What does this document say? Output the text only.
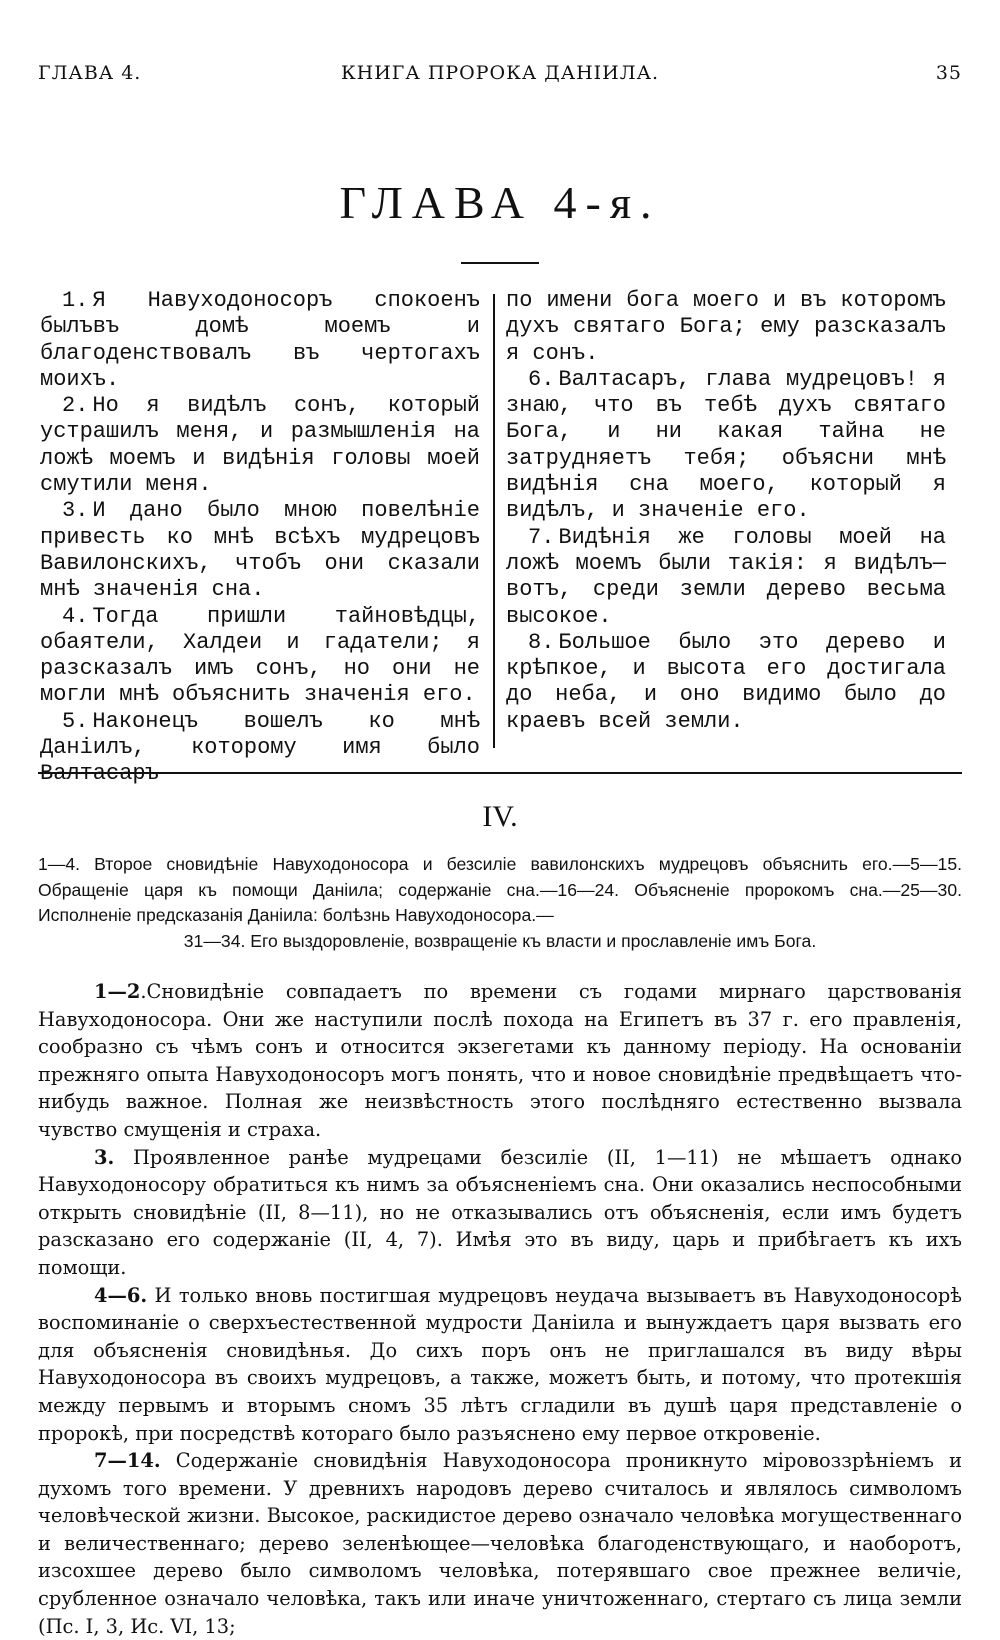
ГЛАВА 4.	КНИГА ПРОРОКА ДАНІИЛА.	35
ГЛАВА 4-я.

1. Я Навуходоносоръ спокоенъ былъвъ домѣ моемъ и благоденствовалъ въ чертогахъ моихъ.

2. Но я видѣлъ сонъ, который устрашилъ меня, и размышленія на ложѣ моемъ и видѣнія головы моей смутили меня.

3. И дано было мною повелѣніе привесть ко мнѣ всѣхъ мудрецовъ Вавилонскихъ, чтобъ они сказали мнѣ значенія сна.

4. Тогда пришли тайновѣдцы, обаятели, Халдеи и гадатели; я разсказалъ имъ сонъ, но они не могли мнѣ объяснить значенія его.

5. Наконецъ вошелъ ко мнѣ Даніилъ, которому имя было Валтасаръ—

по имени бога моего и въ которомъ духъ святаго Бога; ему разсказалъ я сонъ.

6. Валтасаръ, глава мудрецовъ! я знаю, что въ тебѣ духъ святаго Бога, и ни какая тайна не затрудняетъ тебя; объясни мнѣ видѣнія сна моего, который я видѣлъ, и значеніе его.

7. Видѣнія же головы моей на ложѣ моемъ были такія: я видѣлъ—вотъ, среди земли дерево весьма высокое.

8. Большое было это дерево и крѣпкое, и высота его достигала до неба, и оно видимо было до краевъ всей земли.

IV.
1—4. Второе сновидѣніе Навуходоносора и безсиліе вавилонскихъ мудрецовъ объяснить его.—5—15. Обращеніе царя къ помощи Даніила; содержаніе сна.—16—24. Объясненіе пророкомъ сна.—25—30. Исполненіе предсказанія Даніила: болѣзнь Навуходоносора.—
31—34. Его выздоровленіе, возвращеніе къ власти и прославленіе имъ Бога.

1—2.Сновидѣніе совпадаетъ по времени съ годами мирнаго царствованія Навуходоносора. Они же наступили послѣ похода на Египетъ въ 37 г. его правленія, сообразно съ чѣмъ сонъ и относится экзегетами къ данному періоду. На основаніи прежняго опыта Навуходоносоръ могъ понять, что и новое сновидѣніе предвѣщаетъ что-нибудь важное. Полная же неизвѣстность этого послѣдняго естественно вызвала чувство смущенія и страха.

3. Проявленное ранѣе мудрецами безсиліе (II, 1—11) не мѣшаетъ однако Навуходоносору обратиться къ нимъ за объясненіемъ сна. Они оказались неспособными открыть сновидѣніе (II, 8—11), но не отказывались отъ объясненія, если имъ будетъ разсказано его содержаніе (II, 4, 7). Имѣя это въ виду, царь и прибѣгаетъ къ ихъ помощи.

4—6. И только вновь постигшая мудрецовъ неудача вызываетъ въ Навуходоносорѣ воспоминаніе о сверхъестественной мудрости Даніила и вынуждаетъ царя вызвать его для объясненія сновидѣнья. До сихъ поръ онъ не приглашался въ виду вѣры Навуходоносора въ своихъ мудрецовъ, а также, можетъ быть, и потому, что протекшія между первымъ и вторымъ сномъ 35 лѣтъ сгладили въ душѣ царя представленіе о пророкѣ, при посредствѣ котораго было разъяснено ему первое откровеніе.

7—14. Содержаніе сновидѣнія Навуходоносора проникнуто міровоззрѣніемъ и духомъ того времени. У древнихъ народовъ дерево считалось и являлось символомъ человѣческой жизни. Высокое, раскидистое дерево означало человѣка могущественнаго и величественнаго; дерево зеленѣющее—человѣка благоденствующаго, и наоборотъ, изсохшее дерево было символомъ человѣка, потерявшаго свое прежнее величіе, срубленное означало человѣка, такъ или иначе уничтоженнаго, стертаго съ лица земли (Пс. I, 3, Ис. VI, 13;
